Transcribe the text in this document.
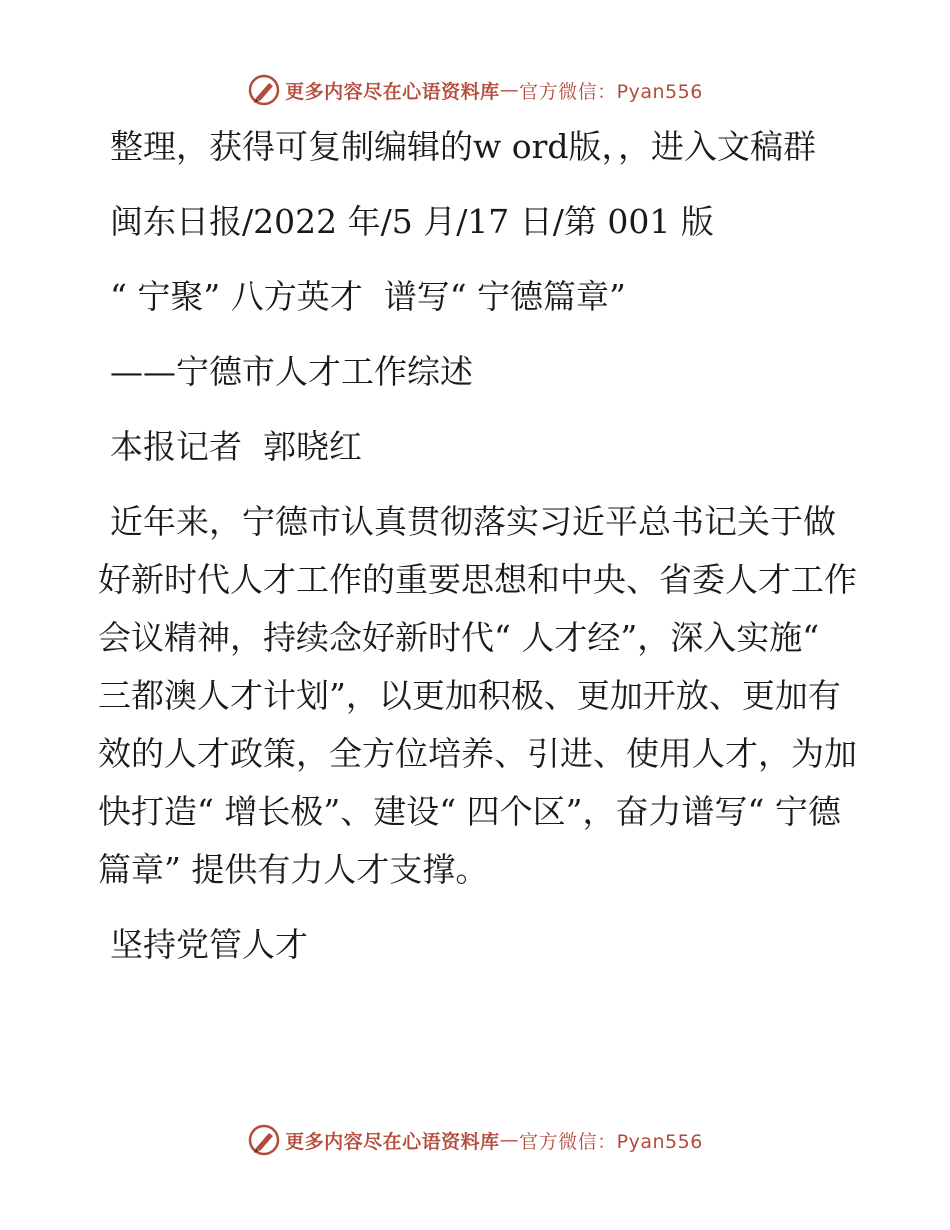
更多内容尽在心语资料库 — 官方微信：Pyan556

整理，获得可复制编辑的w ord版，，进入文稿群

闽东日报/2022 年/5 月/17 日/第 001 版

“ 宁聚” 八方英才  谱写“ 宁德篇章”

——宁德市人才工作综述

本报记者  郭晓红

近年来，宁德市认真贯彻落实习近平总书记关于做好新时代人才工作的重要思想和中央、省委人才工作会议精神，持续念好新时代“ 人才经”，深入实施“ 三都澳人才计划”，以更加积极、更加开放、更加有效的人才政策，全方位培养、引进、使用人才，为加快打造“ 增长极”、建设“ 四个区”，奋力谱写“ 宁德篇章” 提供有力人才支撑。

坚持党管人才

更多内容尽在心语资料库 — 官方微信：Pyan556
